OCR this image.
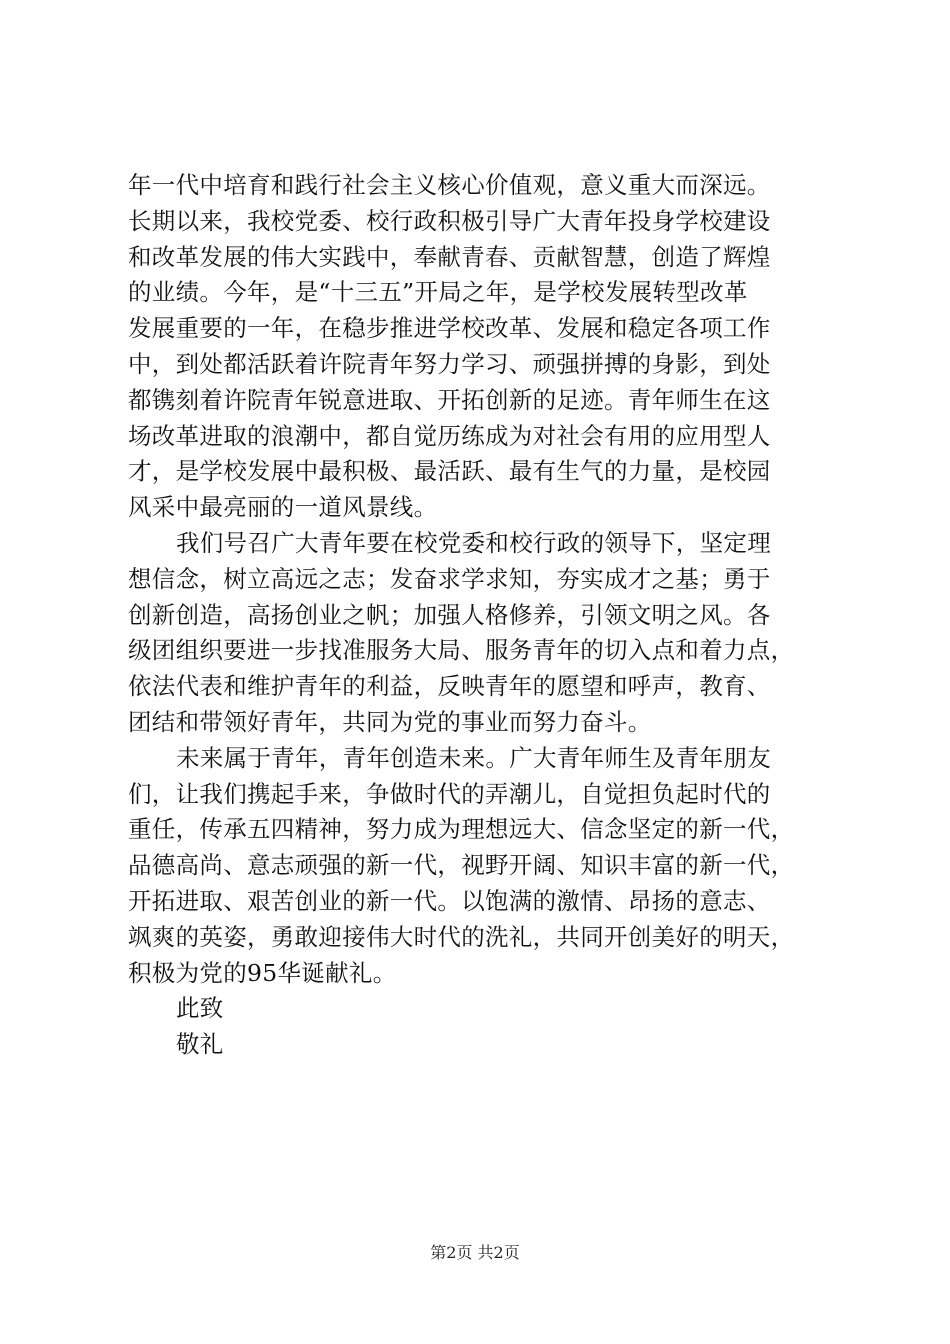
年一代中培育和践行社会主义核心价值观，意义重大而深远。
长期以来，我校党委、校行政积极引导广大青年投身学校建设
和改革发展的伟大实践中，奉献青春、贡献智慧，创造了辉煌
的业绩。今年，是“十三五”开局之年，是学校发展转型改革
发展重要的一年，在稳步推进学校改革、发展和稳定各项工作
中，到处都活跃着许院青年努力学习、顽强拼搏的身影，到处
都镌刻着许院青年锐意进取、开拓创新的足迹。青年师生在这
场改革进取的浪潮中，都自觉历练成为对社会有用的应用型人
才，是学校发展中最积极、最活跃、最有生气的力量，是校园
风采中最亮丽的一道风景线。
我们号召广大青年要在校党委和校行政的领导下，坚定理
想信念，树立高远之志；发奋求学求知，夯实成才之基；勇于
创新创造，高扬创业之帆；加强人格修养，引领文明之风。各
级团组织要进一步找准服务大局、服务青年的切入点和着力点，
依法代表和维护青年的利益，反映青年的愿望和呼声，教育、
团结和带领好青年，共同为党的事业而努力奋斗。
未来属于青年，青年创造未来。广大青年师生及青年朋友
们，让我们携起手来，争做时代的弄潮儿，自觉担负起时代的
重任，传承五四精神，努力成为理想远大、信念坚定的新一代，
品德高尚、意志顽强的新一代，视野开阔、知识丰富的新一代，
开拓进取、艰苦创业的新一代。以饱满的激情、昂扬的意志、
飒爽的英姿，勇敢迎接伟大时代的洗礼，共同开创美好的明天，
积极为党的95华诞献礼。
此致
敬礼
第2页 共2页
